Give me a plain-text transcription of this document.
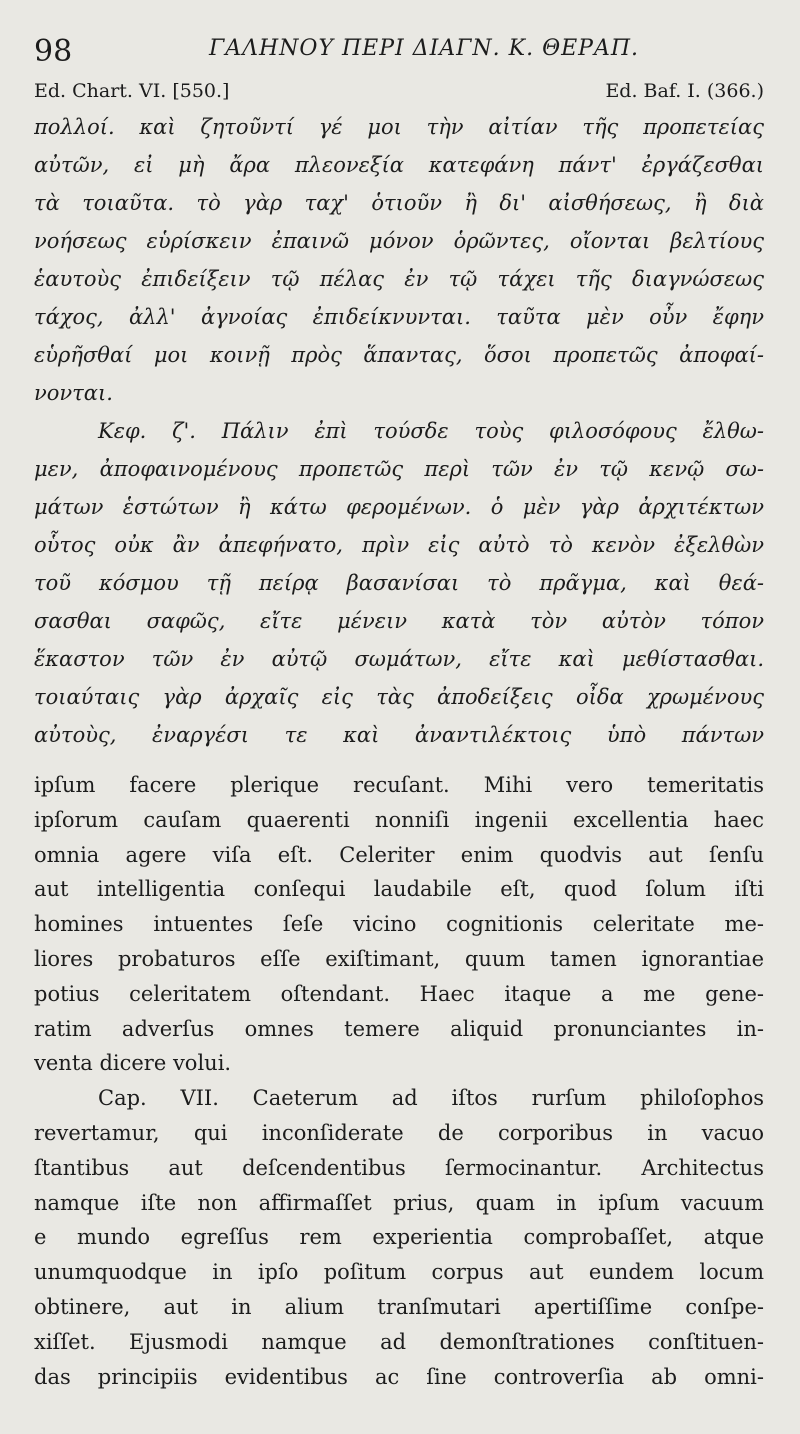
98	ΓΑΛΗΝΟΥ ΠΕΡΙ ΔΙΑΓΝ. Κ. ΘΕΡΑΠ.
Ed. Chart. VI. [550.]	Ed. Baf. I. (366.)
πολλοί. καὶ ζητοῦντί γέ μοι τὴν αἰτίαν τῆς προπετείας
αὐτῶν, εἰ μὴ ἄρα πλεονεξία κατεφάνη πάντ' ἐργάζεσθαι
τὰ τοιαῦτα. τὸ γὰρ ταχ' ὁτιοῦν ἢ δι' αἰσθήσεως, ἢ διὰ
νοήσεως εὑρίσκειν ἐπαινῶ μόνον ὁρῶντες, οἴονται βελτίους
ἑαυτοὺς ἐπιδείξειν τῷ πέλας ἐν τῷ τάχει τῆς διαγνώσεως
τάχος, ἀλλ' ἀγνοίας ἐπιδείκνυνται. ταῦτα μὲν οὖν ἔφην
εὑρῆσθαί μοι κοινῇ πρὸς ἅπαντας, ὅσοι προπετῶς ἀποφαί-
νονται.
Κεφ. ζ'. Πάλιν ἐπὶ τούσδε τοὺς φιλοσόφους ἔλθω-
μεν, ἀποφαινομένους προπετῶς περὶ τῶν ἐν τῷ κενῷ σω-
μάτων ἑστώτων ἢ κάτω φερομένων. ὁ μὲν γὰρ ἀρχιτέκτων
οὗτος οὐκ ἂν ἀπεφήνατο, πρὶν εἰς αὐτὸ τὸ κενὸν ἐξελθὼν
τοῦ κόσμου τῇ πείρᾳ βασανίσαι τὸ πρᾶγμα, καὶ θεά-
σασθαι σαφῶς, εἴτε μένειν κατὰ τὸν αὐτὸν τόπον
ἕκαστον τῶν ἐν αὐτῷ σωμάτων, εἴτε καὶ μεθίστασθαι.
τοιαύταις γὰρ ἀρχαῖς εἰς τὰς ἀποδείξεις οἶδα χρωμένους
αὐτοὺς, ἐναργέσι τε καὶ ἀναντιλέκτοις ὑπὸ πάντων
ipſum facere plerique recuſant. Mihi vero temeritatis
ipſorum cauſam quaerenti nonniſi ingenii excellentia haec
omnia agere viſa eſt. Celeriter enim quodvis aut ſenſu
aut intelligentia conſequi laudabile eſt, quod ſolum iſti
homines intuentes ſeſe vicino cognitionis celeritate me-
liores probaturos eſſe exiſtimant, quum tamen ignorantiae
potius celeritatem oſtendant. Haec itaque a me gene-
ratim adverſus omnes temere aliquid pronunciantes in-
venta dicere volui.
Cap. VII. Caeterum ad iſtos rurſum philoſophos
revertamur, qui inconſiderate de corporibus in vacuo
ſtantibus aut deſcendentibus ſermocinantur. Architectus
namque iſte non affirmaſſet prius, quam in ipſum vacuum
e mundo egreſſus rem experientia comprobaſſet, atque
unumquodque in ipſo poſitum corpus aut eundem locum
obtinere, aut in alium tranſmutari apertiſſime conſpe-
xiſſet. Ejusmodi namque ad demonſtrationes conſtituen-
das principiis evidentibus ac ſine controverſia ab omni-
